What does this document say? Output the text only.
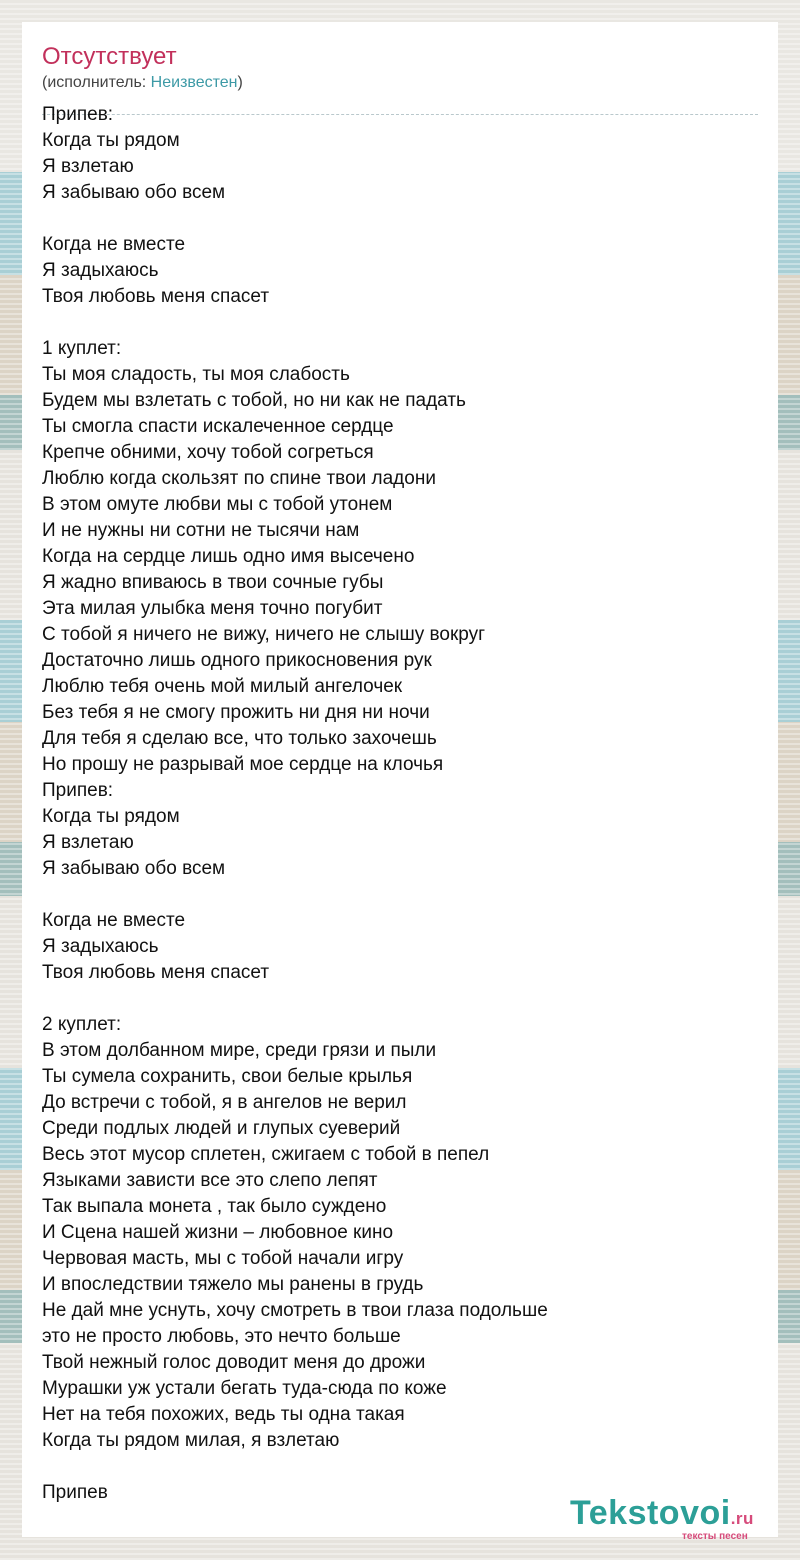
Отсутствует
(исполнитель: Неизвестен)
Припев:
Когда ты рядом
Я взлетаю
Я забываю обо всем
Когда не вместе
Я задыхаюсь
Твоя любовь меня спасет
1 куплет:
Ты моя сладость, ты моя слабость
Будем мы взлетать с тобой, но ни как не падать
Ты смогла спасти искалеченное сердце
Крепче обними, хочу тобой согреться
Люблю когда скользят по спине твои ладони
В этом омуте любви мы с тобой утонем
И не нужны ни сотни не тысячи нам
Когда на сердце лишь одно имя высечено
Я жадно впиваюсь в твои сочные губы
Эта милая улыбка меня точно погубит
С тобой я ничего не вижу, ничего не слышу вокруг
Достаточно лишь одного прикосновения рук
Люблю тебя очень мой милый ангелочек
Без тебя я не смогу прожить ни дня ни ночи
Для тебя я сделаю все, что только захочешь
Но прошу не разрывай мое сердце на клочья
Припев:
Когда ты рядом
Я взлетаю
Я забываю обо всем
Когда не вместе
Я задыхаюсь
Твоя любовь меня спасет
2 куплет:
В этом долбанном мире, среди грязи и пыли
Ты сумела сохранить, свои белые крылья
До встречи с тобой, я в ангелов не верил
Среди подлых людей и глупых суеверий
Весь этот мусор сплетен, сжигаем с тобой в пепел
Языками зависти все это слепо лепят
Так выпала монета , так было суждено
И Сцена нашей жизни – любовное кино
Червовая масть, мы с тобой начали игру
И впоследствии тяжело мы ранены в грудь
Не дай мне уснуть, хочу смотреть в твои глаза подольше
это не просто любовь, это нечто больше
Твой нежный голос доводит меня до дрожи
Мурашки уж устали бегать туда-сюда по коже
Нет на тебя похожих, ведь ты одна такая
Когда ты рядом милая, я взлетаю
Припев
Tekstovoi.ru
тексты песен
